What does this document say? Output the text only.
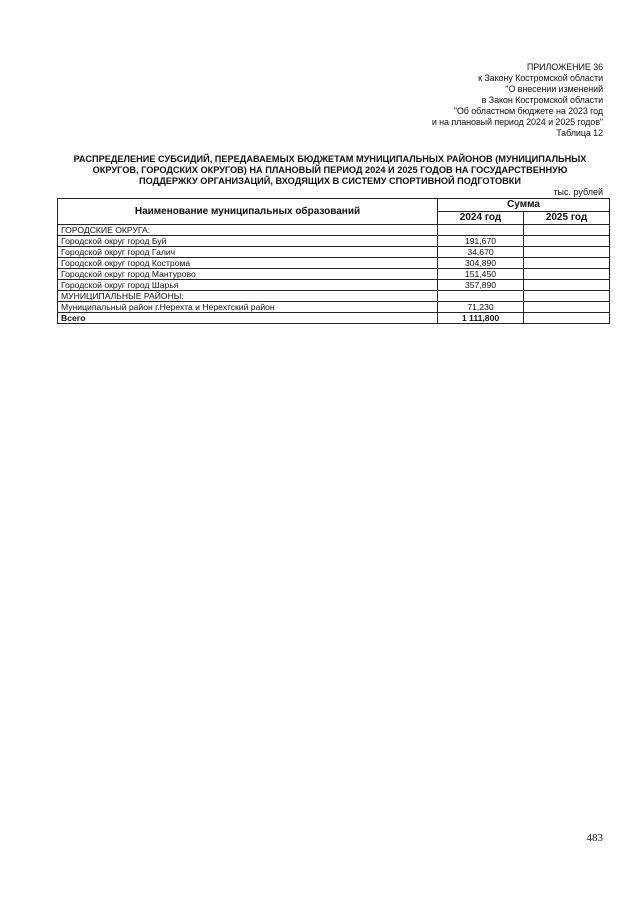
ПРИЛОЖЕНИЕ 36
к Закону Костромской области
"О внесении изменений
в Закон Костромской области
"Об областном бюджете на 2023 год
и на плановый период 2024 и 2025 годов"
Таблица 12
РАСПРЕДЕЛЕНИЕ СУБСИДИЙ, ПЕРЕДАВАЕМЫХ БЮДЖЕТАМ МУНИЦИПАЛЬНЫХ РАЙОНОВ (МУНИЦИПАЛЬНЫХ
ОКРУГОВ, ГОРОДСКИХ ОКРУГОВ) НА ПЛАНОВЫЙ ПЕРИОД 2024 И 2025 ГОДОВ НА ГОСУДАРСТВЕННУЮ
ПОДДЕРЖКУ ОРГАНИЗАЦИЙ, ВХОДЯЩИХ В СИСТЕМУ СПОРТИВНОЙ ПОДГОТОВКИ
тыс. рублей
Наименование муниципальных образований	Сумма	
	2024 год	2025 год
ГОРОДСКИЕ ОКРУГА:		
Городской округ город Буй	191,670	
Городской округ город Галич	34,670	
Городской округ город Кострома	304,890	
Городской округ город Мантурово	151,450	
Городской округ город Шарья	357,890	
МУНИЦИПАЛЬНЫЕ РАЙОНЫ:		
Муниципальный район г.Нерехта и Нерехтский район	71,230	
Всего	1 111,800	
483
